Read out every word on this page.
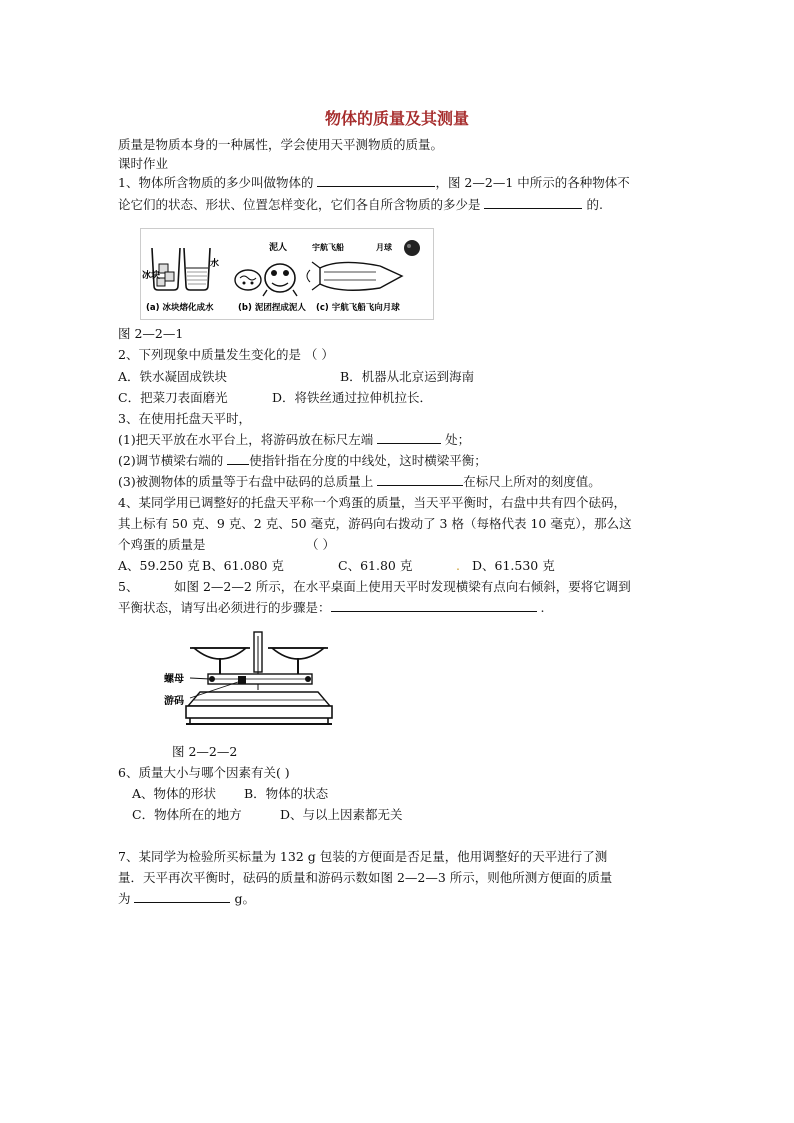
物体的质量及其测量
质量是物质本身的一种属性，学会使用天平测物质的质量。
课时作业
1、物体所含物质的多少叫做物体的	，图 2—2—1 中所示的各种物体不
论它们的状态、形状、位置怎样变化，它们各自所含物质的多少是	的.
冰块
水
泥人	宇航飞船	月球
(a) 冰块熔化成水	(b) 泥团捏成泥人 (c) 宇航飞船飞向月球
图 2—2—1
2、下列现象中质量发生变化的是 （ ）
A．铁水凝固成铁块	B．机器从北京运到海南
C．把菜刀表面磨光	D．将铁丝通过拉伸机拉长．
3、在使用托盘天平时，
(1)把天平放在水平台上，将游码放在标尺左端	处；
(2)调节横梁右端的 使指针指在分度的中线处，这时横梁平衡；
(3)被测物体的质量等于右盘中砝码的总质量上	在标尺上所对的刻度值。
4、某同学用已调整好的托盘天平称一个鸡蛋的质量，当天平平衡时，右盘中共有四个砝码，
其上标有 50 克、9 克、2 克、50 毫克，游码向右拨动了 3 格（每格代表 10 毫克），那么这
个鸡蛋的质量是	（ ）
A、59.250 克 B、61.080 克	C、61.80 克	. D、61.530 克
5、	如图 2—2—2 所示，在水平桌面上使用天平时发现横梁有点向右倾斜，要将它调到
平衡状态，请写出必须进行的步骤是：	.
螺母
游码
图 2—2—2
6、质量大小与哪个因素有关( )
A、物体的形状 B．物体的状态
C．物体所在的地方	D、与以上因素都无关
7、某同学为检验所买标量为 132 g 包装的方便面是否足量，他用调整好的天平进行了测
量．天平再次平衡时，砝码的质量和游码示数如图 2—2—3 所示，则他所测方便面的质量
为	g。
